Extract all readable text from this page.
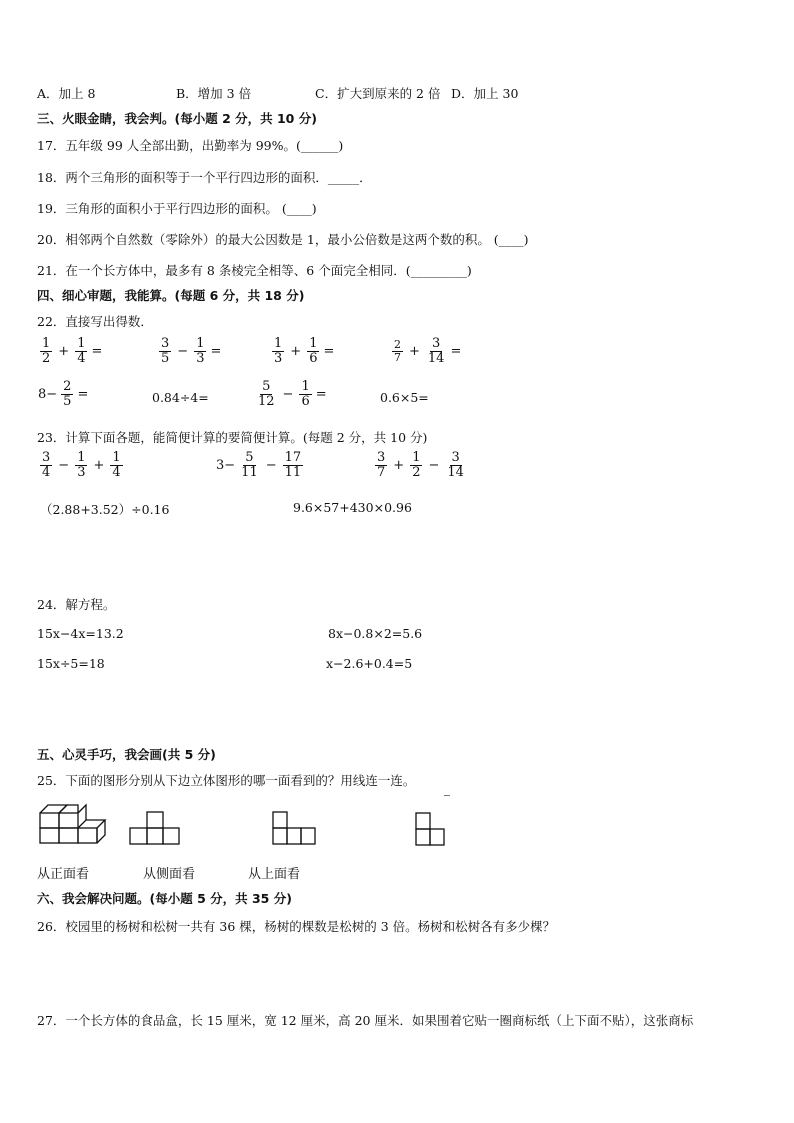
A．加上 8	B．增加 3 倍	C．扩大到原来的 2 倍 D．加上 30
三、火眼金睛，我会判。(每小题 2 分，共 10 分)
17．五年级 99 人全部出勤，出勤率为 99%。(______)
18．两个三角形的面积等于一个平行四边形的面积．_____．
19．三角形的面积小于平行四边形的面积。 (____)
20．相邻两个自然数（零除外）的最大公因数是 1，最小公倍数是这两个数的积。 (____)
21．在一个长方体中，最多有 8 条棱完全相等、6 个面完全相同．(_________)
四、细心审题，我能算。(每题 6 分，共 18 分)
22．直接写出得数．
$\frac{1}{2} + \frac{1}{4}$ =	$\frac{3}{5} - \frac{1}{3}$ =	$\frac{1}{3} + \frac{1}{6}$ =	$\frac{2}{7} + \frac{3}{14}$ =
$8- \frac{2}{5}$ =	0.84÷4=	$\frac{5}{12} - \frac{1}{6}$ =	0.6×5=
23．计算下面各题，能简便计算的要简便计算。(每题 2 分，共 10 分)
$\frac{3}{4} - \frac{1}{3} + \frac{1}{4}$	$3- \frac{5}{11} - \frac{17}{11}$	$\frac{3}{7} + \frac{1}{2} - \frac{3}{14}$
（2.88+3.52）÷0.16	9.6×57+430×0.96
24．解方程。
15x−4x=13.2	8x−0.8×2=5.6
15x÷5=18	x−2.6+0.4=5
五、心灵手巧，我会画(共 5 分)
25．下面的图形分别从下边立体图形的哪一面看到的？用线连一连。
从正面看	从侧面看	从上面看
六、我会解决问题。(每小题 5 分，共 35 分)
26．校园里的杨树和松树一共有 36 棵，杨树的棵数是松树的 3 倍。杨树和松树各有多少棵？
27．一个长方体的食品盒，长 15 厘米，宽 12 厘米，高 20 厘米．如果围着它贴一圈商标纸（上下面不贴），这张商标
